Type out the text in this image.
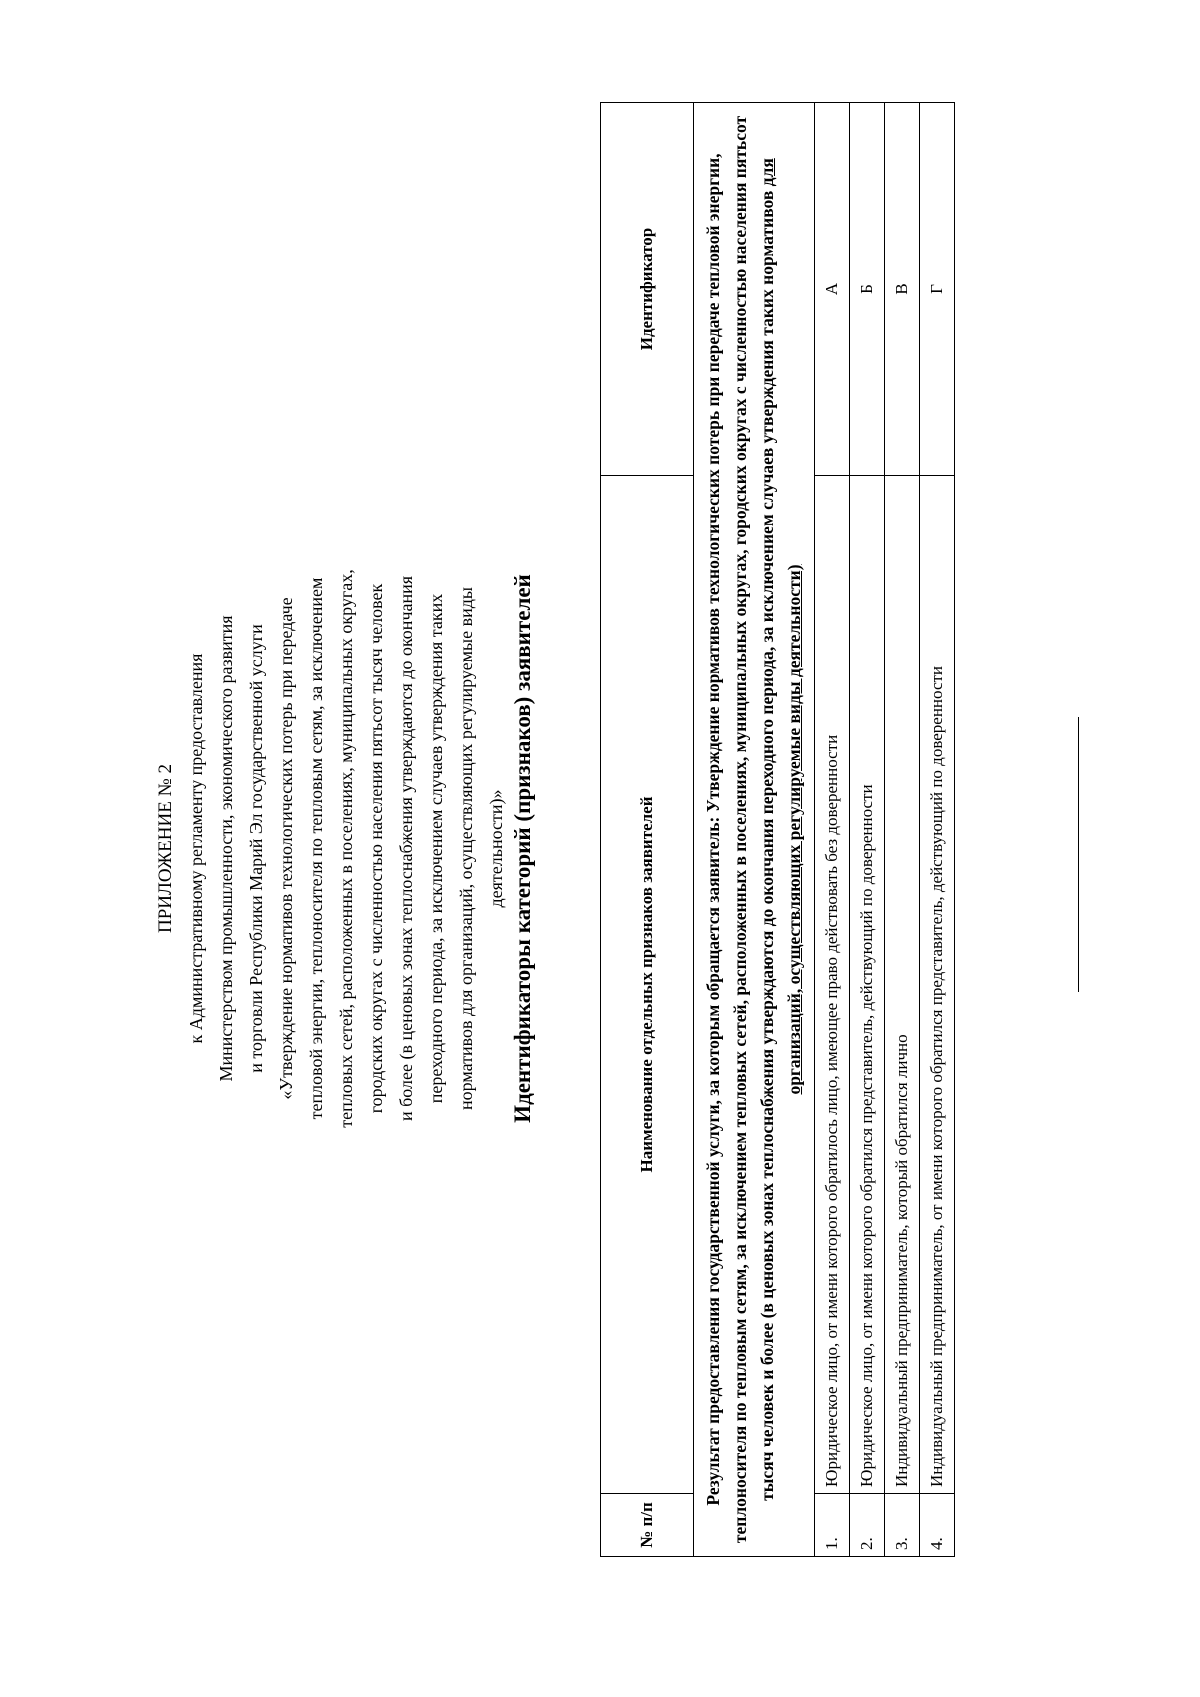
ПРИЛОЖЕНИЕ № 2 к Административному регламенту предоставления Министерством промышленности, экономического развития и торговли Республики Марий Эл государственной услуги «Утверждение нормативов технологических потерь при передаче тепловой энергии, теплоносителя по тепловым сетям, за исключением тепловых сетей, расположенных в поселениях, муниципальных округах, городских округах с численностью населения пятьсот тысяч человек и более (в ценовых зонах теплоснабжения утверждаются до окончания переходного периода, за исключением случаев утверждения таких нормативов для организаций, осуществляющих регулируемые виды деятельности)» Идентификаторы категорий (признаков) заявителей
№ п/п	Наименование отдельных признаков заявителей	Идентификатор
Результат предоставления государственной услуги, за которым обращается заявитель: Утверждение нормативов технологических потерь при передаче тепловой энергии, теплоносителя по тепловым сетям, за исключением тепловых сетей, расположенных в поселениях, муниципальных округах, городских округах с численностью населения пятьсот тысяч человек и более (в ценовых зонах теплоснабжения утверждаются до окончания переходного периода, за исключением случаев утверждения таких нормативов для организаций, осуществляющих регулируемые виды деятельности)		
1.	Юридическое лицо, от имени которого обратилось лицо, имеющее право действовать без доверенности	А
2.	Юридическое лицо, от имени которого обратился представитель, действующий по доверенности	Б
3.	Индивидуальный предприниматель, который обратился лично	В
4.	Индивидуальный предприниматель, от имени которого обратился представитель, действующий по доверенности	Г
